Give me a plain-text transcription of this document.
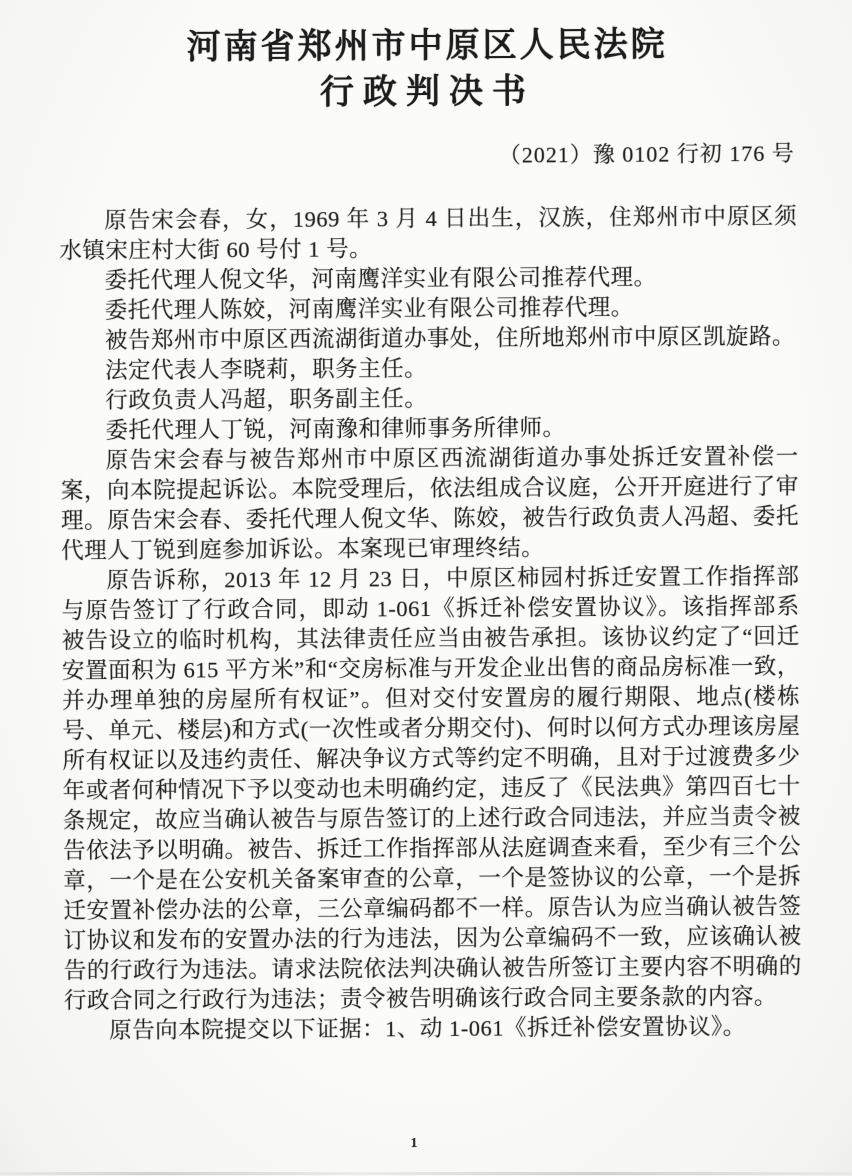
河南省郑州市中原区人民法院
行政判决书
（2021）豫 0102 行初 176 号

原告宋会春，女，1969 年 3 月 4 日出生，汉族，住郑州市中原区须水镇宋庄村大街 60 号付 1 号。

委托代理人倪文华，河南鹰洋实业有限公司推荐代理。

委托代理人陈姣，河南鹰洋实业有限公司推荐代理。

被告郑州市中原区西流湖街道办事处，住所地郑州市中原区凯旋路。

法定代表人李晓莉，职务主任。

行政负责人冯超，职务副主任。

委托代理人丁锐，河南豫和律师事务所律师。

原告宋会春与被告郑州市中原区西流湖街道办事处拆迁安置补偿一案，向本院提起诉讼。本院受理后，依法组成合议庭，公开开庭进行了审理。原告宋会春、委托代理人倪文华、陈姣，被告行政负责人冯超、委托代理人丁锐到庭参加诉讼。本案现已审理终结。

原告诉称，2013 年 12 月 23 日，中原区柿园村拆迁安置工作指挥部与原告签订了行政合同，即动 1-061《拆迁补偿安置协议》。该指挥部系被告设立的临时机构，其法律责任应当由被告承担。该协议约定了“回迁安置面积为 615 平方米”和“交房标准与开发企业出售的商品房标准一致，并办理单独的房屋所有权证”。但对交付安置房的履行期限、地点(楼栋号、单元、楼层)和方式(一次性或者分期交付)、何时以何方式办理该房屋所有权证以及违约责任、解决争议方式等约定不明确，且对于过渡费多少年或者何种情况下予以变动也未明确约定，违反了《民法典》第四百七十条规定，故应当确认被告与原告签订的上述行政合同违法，并应当责令被告依法予以明确。被告、拆迁工作指挥部从法庭调查来看，至少有三个公章，一个是在公安机关备案审查的公章，一个是签协议的公章，一个是拆迁安置补偿办法的公章，三公章编码都不一样。原告认为应当确认被告签订协议和发布的安置办法的行为违法，因为公章编码不一致，应该确认被告的行政行为违法。请求法院依法判决确认被告所签订主要内容不明确的行政合同之行政行为违法；责令被告明确该行政合同主要条款的内容。

原告向本院提交以下证据：1、动 1-061《拆迁补偿安置协议》。

1
